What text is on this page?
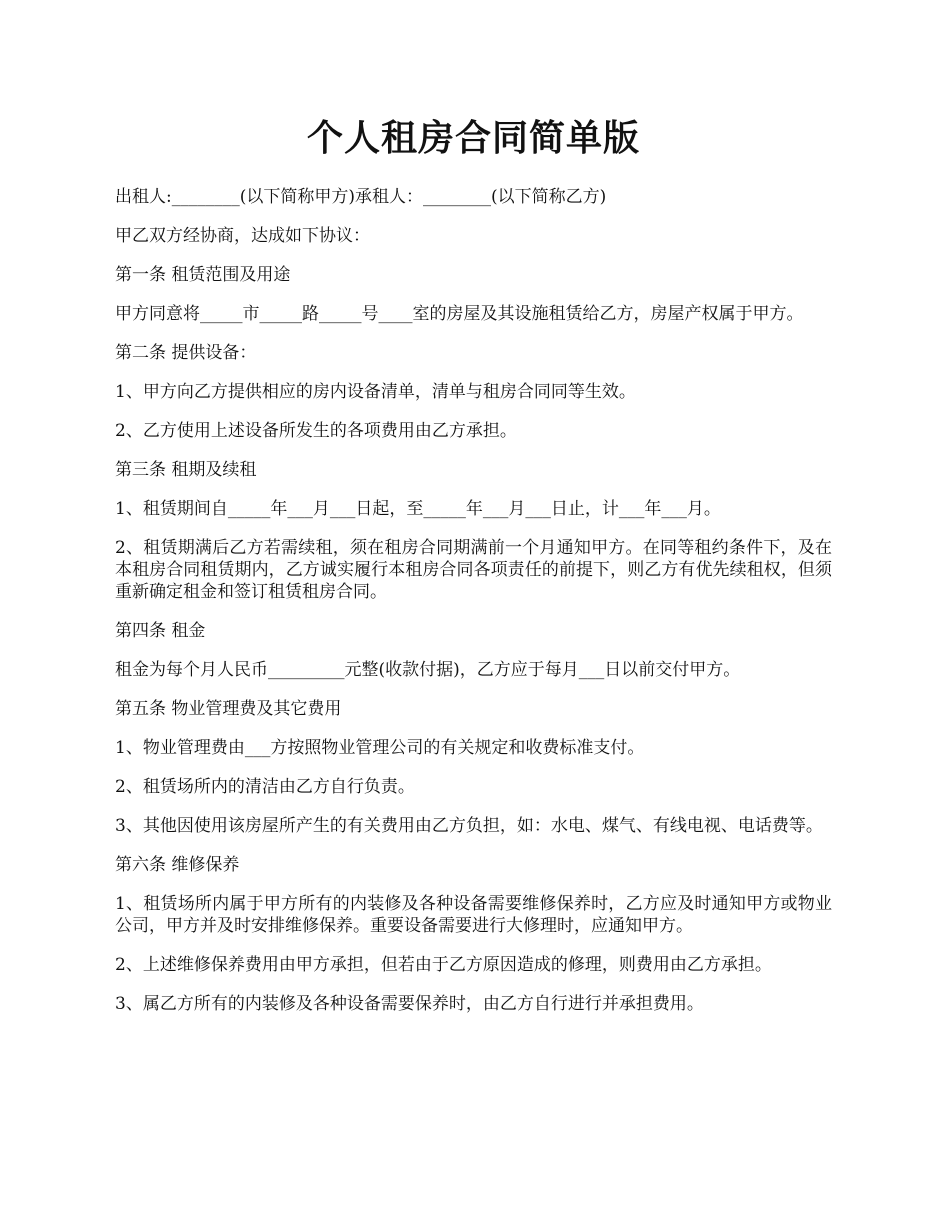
个人租房合同简单版

出租人:________(以下简称甲方)承租人：________(以下简称乙方)

甲乙双方经协商，达成如下协议：

第一条 租赁范围及用途

甲方同意将_____市_____路_____号____室的房屋及其设施租赁给乙方，房屋产权属于甲方。

第二条 提供设备：

1、甲方向乙方提供相应的房内设备清单，清单与租房合同同等生效。

2、乙方使用上述设备所发生的各项费用由乙方承担。

第三条 租期及续租

1、租赁期间自_____年___月___日起，至_____年___月___日止，计___年___月。

2、租赁期满后乙方若需续租，须在租房合同期满前一个月通知甲方。在同等租约条件下，及在本租房合同租赁期内，乙方诚实履行本租房合同各项责任的前提下，则乙方有优先续租权，但须重新确定租金和签订租赁租房合同。

第四条 租金

租金为每个月人民币_________元整(收款付据)，乙方应于每月___日以前交付甲方。

第五条 物业管理费及其它费用

1、物业管理费由___方按照物业管理公司的有关规定和收费标准支付。

2、租赁场所内的清洁由乙方自行负责。

3、其他因使用该房屋所产生的有关费用由乙方负担，如：水电、煤气、有线电视、电话费等。

第六条 维修保养

1、租赁场所内属于甲方所有的内装修及各种设备需要维修保养时，乙方应及时通知甲方或物业公司，甲方并及时安排维修保养。重要设备需要进行大修理时，应通知甲方。

2、上述维修保养费用由甲方承担，但若由于乙方原因造成的修理，则费用由乙方承担。

3、属乙方所有的内装修及各种设备需要保养时，由乙方自行进行并承担费用。
